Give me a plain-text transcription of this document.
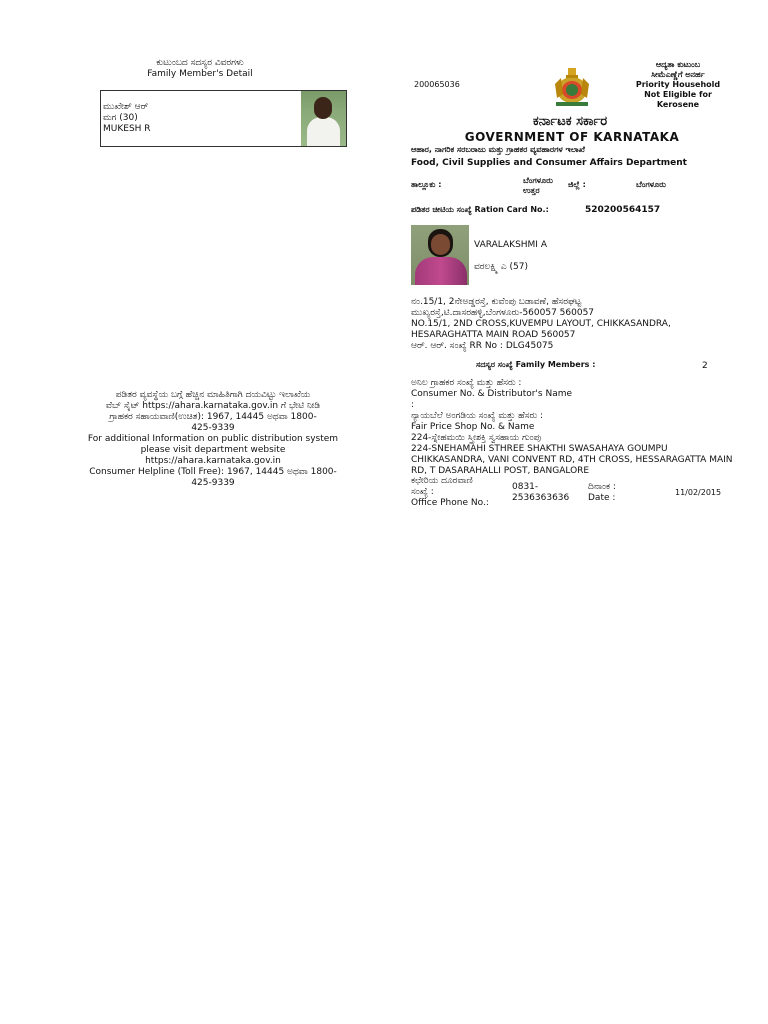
ಕುಟುಂಬದ ಸದಸ್ಯರ ವಿವರಗಳು
Family Member's Detail
ಮುಖೇಶ್ ಆರ್
ಮಗ (30)
MUKESH R
ಪಡಿತರ ವ್ಯವಸ್ಥೆಯ ಬಗ್ಗೆ ಹೆಚ್ಚಿನ ಮಾಹಿತಿಗಾಗಿ ದಯವಿಟ್ಟು ಇಲಾಖೆಯ
ವೆಬ್ ಸೈಟ್ https://ahara.karnataka.gov.in ಗೆ ಭೇಟಿ ನೀಡಿ
ಗ್ರಾಹಕರ ಸಹಾಯವಾಣಿ(ಉಚಿತ): 1967, 14445 ಅಥವಾ 1800-
425-9339
For additional Information on public distribution system
please visit department website
https://ahara.karnataka.gov.in
Consumer Helpline (Toll Free): 1967, 14445 ಅಥವಾ 1800-
425-9339
200065036
ಆದ್ಯತಾ ಕುಟುಂಬ
ಸೀಮೆಎಣ್ಣೆಗೆ ಅನರ್ಹ
Priority Household
Not Eligible for
Kerosene
ಕರ್ನಾಟಕ ಸರ್ಕಾರ
GOVERNMENT OF KARNATAKA
ಆಹಾರ, ನಾಗರಿಕ ಸರಬರಾಜು ಮತ್ತು ಗ್ರಾಹಕರ ವ್ಯವಹಾರಗಳ ಇಲಾಖೆ
Food, Civil Supplies and Consumer Affairs Department
ತಾಲ್ಲೂಕು :	ಬೆಂಗಳೂರು
ಉತ್ತರ
ಜಿಲ್ಲೆ :	ಬೆಂಗಳೂರು
ಪಡಿತರ ಚೀಟಿಯ ಸಂಖ್ಯೆ Ration Card No.:	520200564157
VARALAKSHMI A
ವರಲಕ್ಷ್ಮಿ ಎ (57)
ನಂ.15/1, 2ನೇಅಡ್ಡರಸ್ತೆ, ಕುವೆಂಪು ಬಡಾವಣೆ, ಹೆಸರಘಟ್ಟ
ಮುಖ್ಯರಸ್ತೆ,ಟಿ.ದಾಸರಹಳ್ಳಿ,ಬೆಂಗಳೂರು-560057 560057
NO.15/1, 2ND CROSS,KUVEMPU LAYOUT, CHIKKASANDRA,
HESARAGHATTA MAIN ROAD 560057
ಆರ್. ಆರ್. ಸಂಖ್ಯೆ RR No : DLG45075
ಸದಸ್ಯರ ಸಂಖ್ಯೆ Family Members :	2
ಅನಿಲ ಗ್ರಾಹಕರ ಸಂಖ್ಯೆ ಮತ್ತು ಹೆಸರು :
Consumer No. & Distributor's Name
:
ನ್ಯಾಯಬೆಲೆ ಅಂಗಡಿಯ ಸಂಖ್ಯೆ ಮತ್ತು ಹೆಸರು :
Fair Price Shop No. & Name
224-ಸ್ನೇಹಮಯಿ ಸ್ತ್ರೀಶಕ್ತಿ ಸ್ವಸಹಾಯ ಗುಂಪು
224-SNEHAMAHI STHREE SHAKTHI SWASAHAYA GOUMPU
CHIKKASANDRA, VANI CONVENT RD, 4TH CROSS, HESSARAGATTA MAIN
RD, T DASARAHALLI POST, BANGALORE
ಕಛೇರಿಯ ದೂರವಾಣಿ
ಸಂಖ್ಯೆ :
Office Phone No.:
0831-
2536363636
ದಿನಾಂಕ :
Date :
11/02/2015
